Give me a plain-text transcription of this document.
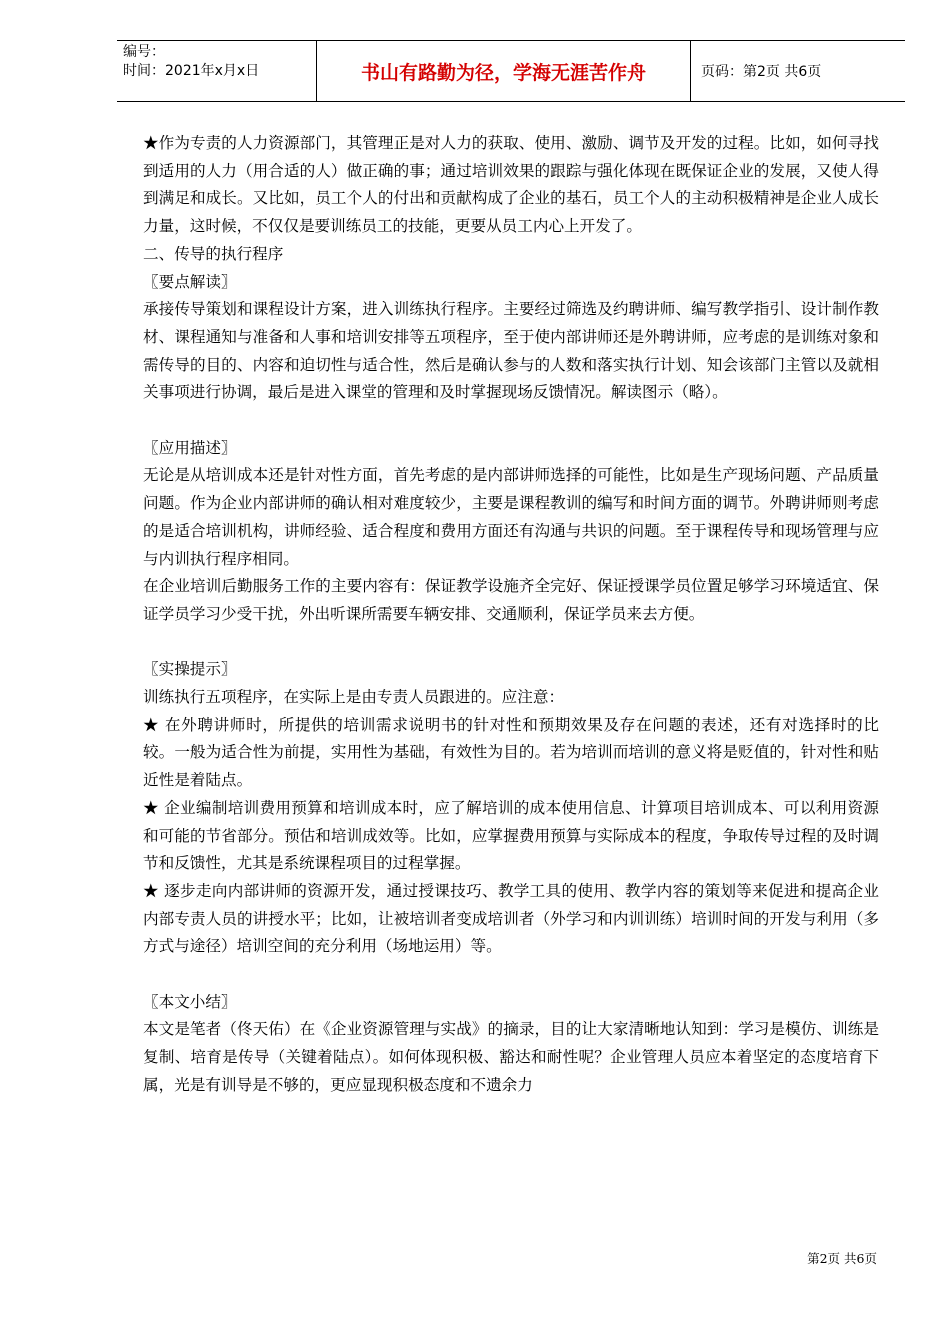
编号：
时间：2021年x月x日	书山有路勤为径，学海无涯苦作舟	页码：第2页 共6页

★作为专责的人力资源部门，其管理正是对人力的获取、使用、激励、调节及开发的过程。比如，如何寻找到适用的人力（用合适的人）做正确的事；通过培训效果的跟踪与强化体现在既保证企业的发展，又使人得到满足和成长。又比如，员工个人的付出和贡献构成了企业的基石，员工个人的主动积极精神是企业人成长力量，这时候，不仅仅是要训练员工的技能，更要从员工内心上开发了。

二、传导的执行程序

〖要点解读〗

承接传导策划和课程设计方案，进入训练执行程序。主要经过筛选及约聘讲师、编写教学指引、设计制作教材、课程通知与准备和人事和培训安排等五项程序，至于使内部讲师还是外聘讲师，应考虑的是训练对象和需传导的目的、内容和迫切性与适合性，然后是确认参与的人数和落实执行计划、知会该部门主管以及就相关事项进行协调，最后是进入课堂的管理和及时掌握现场反馈情况。解读图示（略）。

〖应用描述〗

无论是从培训成本还是针对性方面，首先考虑的是内部讲师选择的可能性，比如是生产现场问题、产品质量问题。作为企业内部讲师的确认相对难度较少，主要是课程教训的编写和时间方面的调节。外聘讲师则考虑的是适合培训机构，讲师经验、适合程度和费用方面还有沟通与共识的问题。至于课程传导和现场管理与应与内训执行程序相同。

在企业培训后勤服务工作的主要内容有：保证教学设施齐全完好、保证授课学员位置足够学习环境适宜、保证学员学习少受干扰，外出听课所需要车辆安排、交通顺利，保证学员来去方便。

〖实操提示〗

训练执行五项程序，在实际上是由专责人员跟进的。应注意：

★ 在外聘讲师时，所提供的培训需求说明书的针对性和预期效果及存在问题的表述，还有对选择时的比较。一般为适合性为前提，实用性为基础，有效性为目的。若为培训而培训的意义将是贬值的，针对性和贴近性是着陆点。

★ 企业编制培训费用预算和培训成本时，应了解培训的成本使用信息、计算项目培训成本、可以利用资源和可能的节省部分。预估和培训成效等。比如，应掌握费用预算与实际成本的程度，争取传导过程的及时调节和反馈性，尤其是系统课程项目的过程掌握。

★ 逐步走向内部讲师的资源开发，通过授课技巧、教学工具的使用、教学内容的策划等来促进和提高企业内部专责人员的讲授水平；比如，让被培训者变成培训者（外学习和内训训练）培训时间的开发与利用（多方式与途径）培训空间的充分利用（场地运用）等。

〖本文小结〗

本文是笔者（佟天佑）在《企业资源管理与实战》的摘录，目的让大家清晰地认知到：学习是模仿、训练是复制、培育是传导（关键着陆点）。如何体现积极、豁达和耐性呢？企业管理人员应本着坚定的态度培育下属，光是有训导是不够的，更应显现积极态度和不遗余力

第2页 共6页
